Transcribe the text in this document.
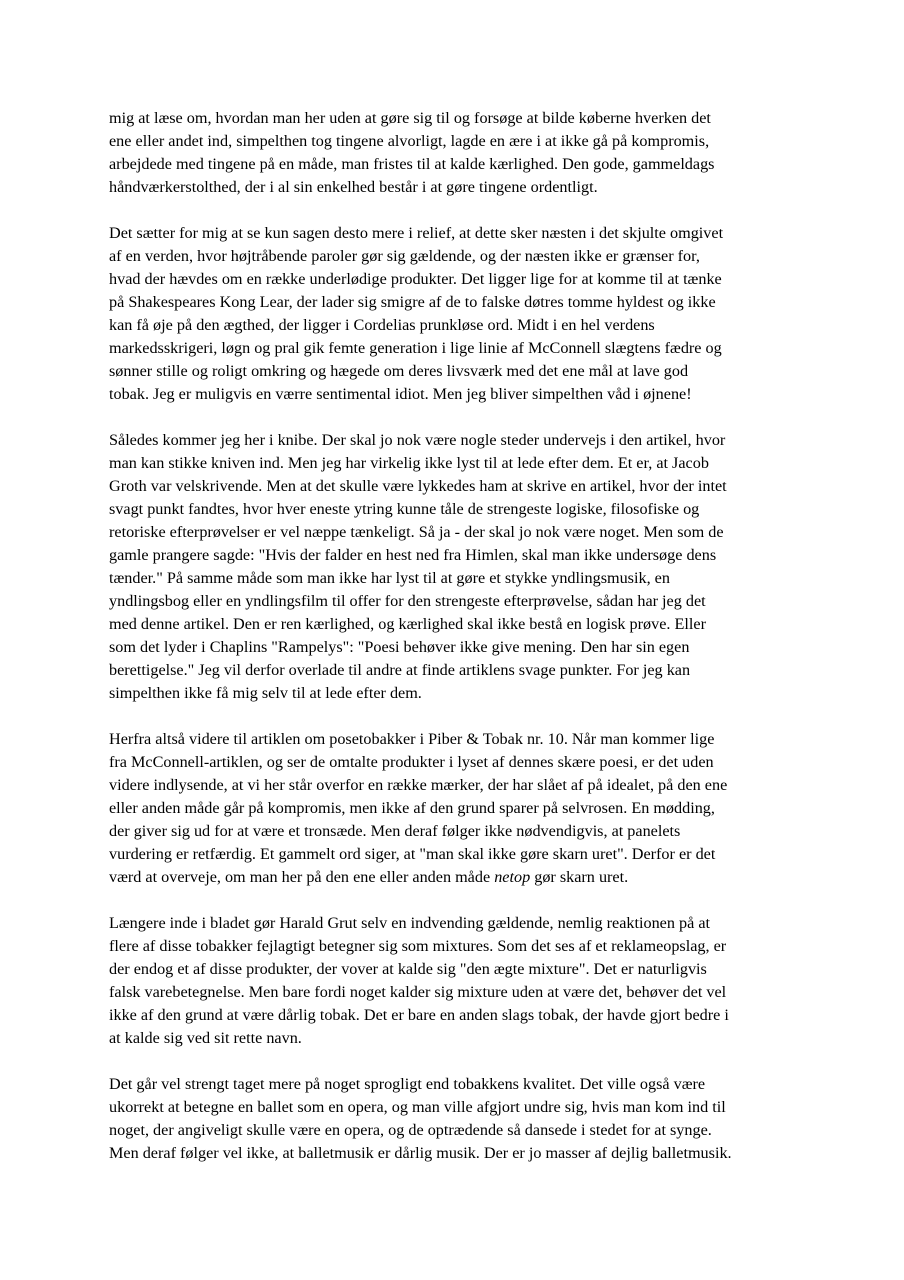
mig at læse om, hvordan man her uden at gøre sig til og forsøge at bilde køberne hverken det
ene eller andet ind, simpelthen tog tingene alvorligt, lagde en ære i at ikke gå på kompromis,
arbejdede med tingene på en måde, man fristes til at kalde kærlighed. Den gode, gammeldags
håndværkerstolthed, der i al sin enkelhed består i at gøre tingene ordentligt.

Det sætter for mig at se kun sagen desto mere i relief, at dette sker næsten i det skjulte omgivet
af en verden, hvor højtråbende paroler gør sig gældende, og der næsten ikke er grænser for,
hvad der hævdes om en række underlødige produkter. Det ligger lige for at komme til at tænke
på Shakespeares Kong Lear, der lader sig smigre af de to falske døtres tomme hyldest og ikke
kan få øje på den ægthed, der ligger i Cordelias prunkløse ord. Midt i en hel verdens
markedsskrigeri, løgn og pral gik femte generation i lige linie af McConnell slægtens fædre og
sønner stille og roligt omkring og hægede om deres livsværk med det ene mål at lave god
tobak. Jeg er muligvis en værre sentimental idiot. Men jeg bliver simpelthen våd i øjnene!

Således kommer jeg her i knibe. Der skal jo nok være nogle steder undervejs i den artikel, hvor
man kan stikke kniven ind. Men jeg har virkelig ikke lyst til at lede efter dem. Et er, at Jacob
Groth var velskrivende. Men at det skulle være lykkedes ham at skrive en artikel, hvor der intet
svagt punkt fandtes, hvor hver eneste ytring kunne tåle de strengeste logiske, filosofiske og
retoriske efterprøvelser er vel næppe tænkeligt. Så ja - der skal jo nok være noget. Men som de
gamle prangere sagde: "Hvis der falder en hest ned fra Himlen, skal man ikke undersøge dens
tænder." På samme måde som man ikke har lyst til at gøre et stykke yndlingsmusik, en
yndlingsbog eller en yndlingsfilm til offer for den strengeste efterprøvelse, sådan har jeg det
med denne artikel. Den er ren kærlighed, og kærlighed skal ikke bestå en logisk prøve. Eller
som det lyder i Chaplins "Rampelys": "Poesi behøver ikke give mening. Den har sin egen
berettigelse." Jeg vil derfor overlade til andre at finde artiklens svage punkter. For jeg kan
simpelthen ikke få mig selv til at lede efter dem.

Herfra altså videre til artiklen om posetobakker i Piber & Tobak nr. 10. Når man kommer lige
fra McConnell-artiklen, og ser de omtalte produkter i lyset af dennes skære poesi, er det uden
videre indlysende, at vi her står overfor en række mærker, der har slået af på idealet, på den ene
eller anden måde går på kompromis, men ikke af den grund sparer på selvrosen. En mødding,
der giver sig ud for at være et tronsæde. Men deraf følger ikke nødvendigvis, at panelets
vurdering er retfærdig. Et gammelt ord siger, at "man skal ikke gøre skarn uret". Derfor er det
værd at overveje, om man her på den ene eller anden måde netop gør skarn uret.

Længere inde i bladet gør Harald Grut selv en indvending gældende, nemlig reaktionen på at
flere af disse tobakker fejlagtigt betegner sig som mixtures. Som det ses af et reklameopslag, er
der endog et af disse produkter, der vover at kalde sig "den ægte mixture". Det er naturligvis
falsk varebetegnelse. Men bare fordi noget kalder sig mixture uden at være det, behøver det vel
ikke af den grund at være dårlig tobak. Det er bare en anden slags tobak, der havde gjort bedre i
at kalde sig ved sit rette navn.

Det går vel strengt taget mere på noget sprogligt end tobakkens kvalitet. Det ville også være
ukorrekt at betegne en ballet som en opera, og man ville afgjort undre sig, hvis man kom ind til
noget, der angiveligt skulle være en opera, og de optrædende så dansede i stedet for at synge.
Men deraf følger vel ikke, at balletmusik er dårlig musik. Der er jo masser af dejlig balletmusik.
